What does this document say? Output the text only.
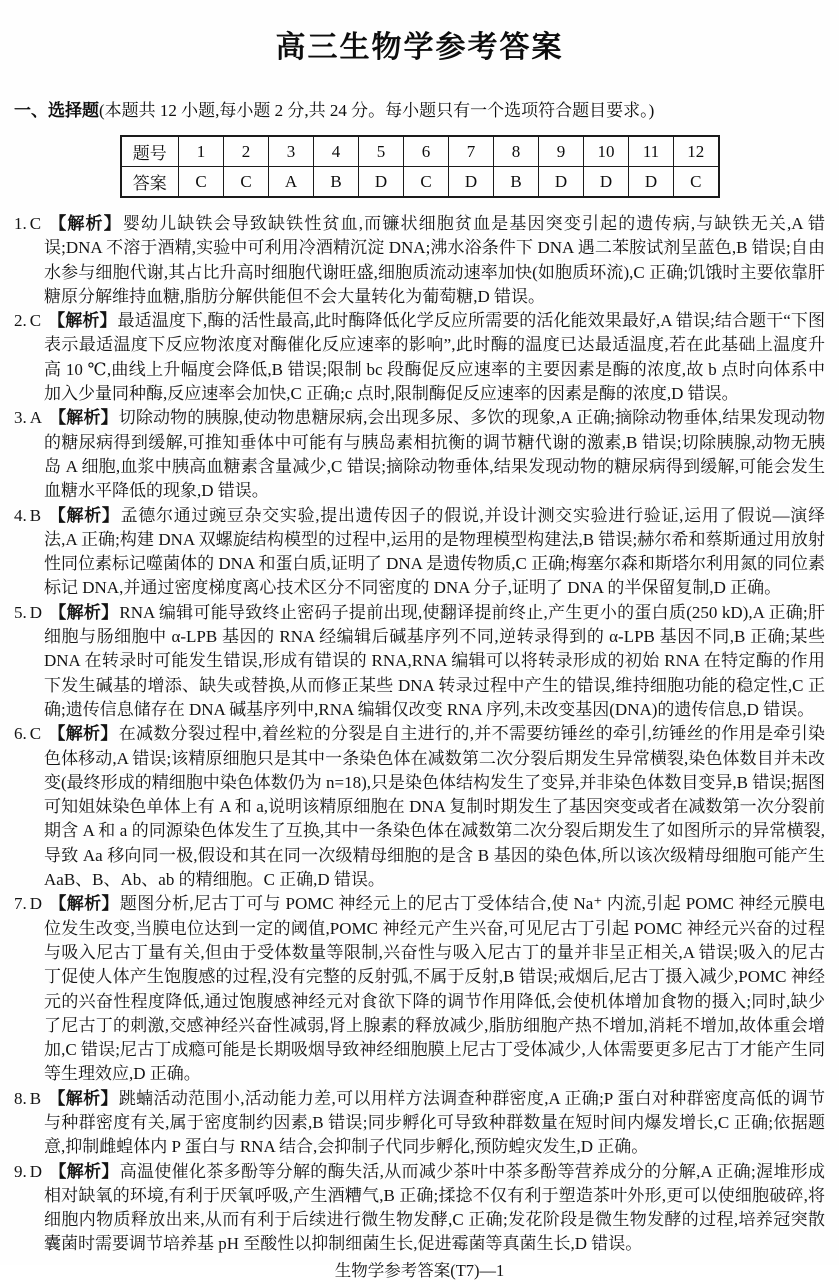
高三生物学参考答案
一、选择题(本题共 12 小题,每小题 2 分,共 24 分。每小题只有一个选项符合题目要求。)
题号	1	2	3	4	5	6	7	8	9	10	11	12
答案	C	C	A	B	D	C	D	B	D	D	D	C

1. C 【解析】婴幼儿缺铁会导致缺铁性贫血,而镰状细胞贫血是基因突变引起的遗传病,与缺铁无关,A 错误;DNA 不溶于酒精,实验中可利用冷酒精沉淀 DNA;沸水浴条件下 DNA 遇二苯胺试剂呈蓝色,B 错误;自由水参与细胞代谢,其占比升高时细胞代谢旺盛,细胞质流动速率加快(如胞质环流),C 正确;饥饿时主要依靠肝糖原分解维持血糖,脂肪分解供能但不会大量转化为葡萄糖,D 错误。

2. C 【解析】最适温度下,酶的活性最高,此时酶降低化学反应所需要的活化能效果最好,A 错误;结合题干“下图表示最适温度下反应物浓度对酶催化反应速率的影响”,此时酶的温度已达最适温度,若在此基础上温度升高 10 ℃,曲线上升幅度会降低,B 错误;限制 bc 段酶促反应速率的主要因素是酶的浓度,故 b 点时向体系中加入少量同种酶,反应速率会加快,C 正确;c 点时,限制酶促反应速率的因素是酶的浓度,D 错误。

3. A 【解析】切除动物的胰腺,使动物患糖尿病,会出现多尿、多饮的现象,A 正确;摘除动物垂体,结果发现动物的糖尿病得到缓解,可推知垂体中可能有与胰岛素相抗衡的调节糖代谢的激素,B 错误;切除胰腺,动物无胰岛 A 细胞,血浆中胰高血糖素含量减少,C 错误;摘除动物垂体,结果发现动物的糖尿病得到缓解,可能会发生血糖水平降低的现象,D 错误。

4. B 【解析】孟德尔通过豌豆杂交实验,提出遗传因子的假说,并设计测交实验进行验证,运用了假说—演绎法,A 正确;构建 DNA 双螺旋结构模型的过程中,运用的是物理模型构建法,B 错误;赫尔希和蔡斯通过用放射性同位素标记噬菌体的 DNA 和蛋白质,证明了 DNA 是遗传物质,C 正确;梅塞尔森和斯塔尔利用氮的同位素标记 DNA,并通过密度梯度离心技术区分不同密度的 DNA 分子,证明了 DNA 的半保留复制,D 正确。

5. D 【解析】RNA 编辑可能导致终止密码子提前出现,使翻译提前终止,产生更小的蛋白质(250 kD),A 正确;肝细胞与肠细胞中 α-LPB 基因的 RNA 经编辑后碱基序列不同,逆转录得到的 α-LPB 基因不同,B 正确;某些 DNA 在转录时可能发生错误,形成有错误的 RNA,RNA 编辑可以将转录形成的初始 RNA 在特定酶的作用下发生碱基的增添、缺失或替换,从而修正某些 DNA 转录过程中产生的错误,维持细胞功能的稳定性,C 正确;遗传信息储存在 DNA 碱基序列中,RNA 编辑仅改变 RNA 序列,未改变基因(DNA)的遗传信息,D 错误。

6. C 【解析】在减数分裂过程中,着丝粒的分裂是自主进行的,并不需要纺锤丝的牵引,纺锤丝的作用是牵引染色体移动,A 错误;该精原细胞只是其中一条染色体在减数第二次分裂后期发生异常横裂,染色体数目并未改变(最终形成的精细胞中染色体数仍为 n=18),只是染色体结构发生了变异,并非染色体数目变异,B 错误;据图可知姐妹染色单体上有 A 和 a,说明该精原细胞在 DNA 复制时期发生了基因突变或者在减数第一次分裂前期含 A 和 a 的同源染色体发生了互换,其中一条染色体在减数第二次分裂后期发生了如图所示的异常横裂,导致 Aa 移向同一极,假设和其在同一次级精母细胞的是含 B 基因的染色体,所以该次级精母细胞可能产生 AaB、B、Ab、ab 的精细胞。C 正确,D 错误。

7. D 【解析】题图分析,尼古丁可与 POMC 神经元上的尼古丁受体结合,使 Na⁺ 内流,引起 POMC 神经元膜电位发生改变,当膜电位达到一定的阈值,POMC 神经元产生兴奋,可见尼古丁引起 POMC 神经元兴奋的过程与吸入尼古丁量有关,但由于受体数量等限制,兴奋性与吸入尼古丁的量并非呈正相关,A 错误;吸入的尼古丁促使人体产生饱腹感的过程,没有完整的反射弧,不属于反射,B 错误;戒烟后,尼古丁摄入减少,POMC 神经元的兴奋性程度降低,通过饱腹感神经元对食欲下降的调节作用降低,会使机体增加食物的摄入;同时,缺少了尼古丁的刺激,交感神经兴奋性减弱,肾上腺素的释放减少,脂肪细胞产热不增加,消耗不增加,故体重会增加,C 错误;尼古丁成瘾可能是长期吸烟导致神经细胞膜上尼古丁受体减少,人体需要更多尼古丁才能产生同等生理效应,D 正确。

8. B 【解析】跳蝻活动范围小,活动能力差,可以用样方法调查种群密度,A 正确;P 蛋白对种群密度高低的调节与种群密度有关,属于密度制约因素,B 错误;同步孵化可导致种群数量在短时间内爆发增长,C 正确;依据题意,抑制雌蝗体内 P 蛋白与 RNA 结合,会抑制子代同步孵化,预防蝗灾发生,D 正确。

9. D 【解析】高温使催化茶多酚等分解的酶失活,从而减少茶叶中茶多酚等营养成分的分解,A 正确;渥堆形成相对缺氧的环境,有利于厌氧呼吸,产生酒糟气,B 正确;揉捻不仅有利于塑造茶叶外形,更可以使细胞破碎,将细胞内物质释放出来,从而有利于后续进行微生物发酵,C 正确;发花阶段是微生物发酵的过程,培养冠突散囊菌时需要调节培养基 pH 至酸性以抑制细菌生长,促进霉菌等真菌生长,D 错误。

生物学参考答案(T7)—1
